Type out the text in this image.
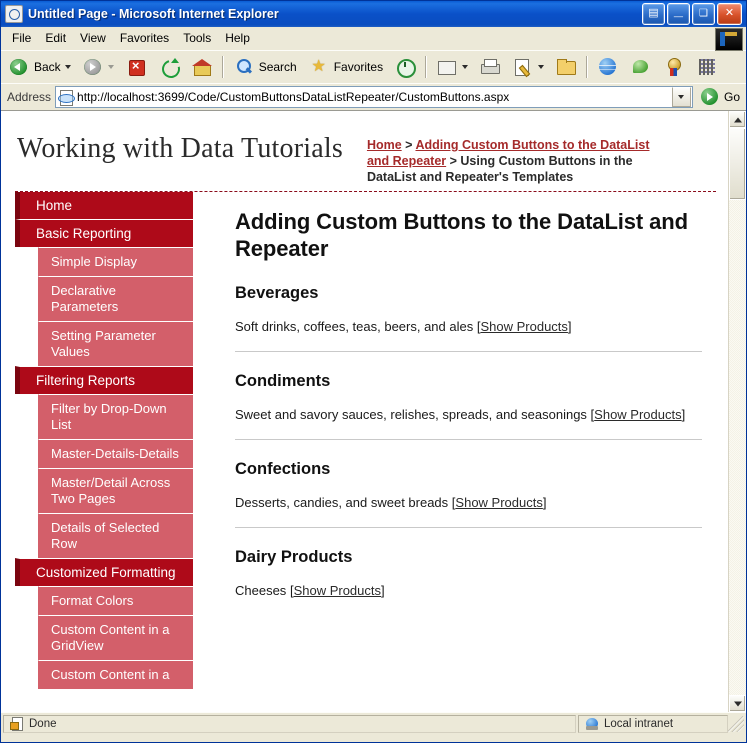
Untitled Page - Microsoft Internet Explorer	▤ _	❑	✕
File	Edit	View	Favorites	Tools	Help
Back ×	Search ★	Favorites
Address http://localhost:3699/Code/CustomButtonsDataListRepeater/CustomButtons.aspx	Go
Working with Data Tutorials	Home > Adding Custom Buttons to the DataList and Repeater > Using Custom Buttons in the DataList and Repeater's Templates
Home
Basic Reporting
Simple Display
Declarative Parameters
Setting Parameter Values
Filtering Reports
Filter by Drop-Down List
Master-Details-Details
Master/Detail Across Two Pages
Details of Selected Row
Customized Formatting
Format Colors
Custom Content in a GridView
Custom Content in a
Adding Custom Buttons to the DataList and Repeater
Beverages

Soft drinks, coffees, teas, beers, and ales [Show Products]

Condiments

Sweet and savory sauces, relishes, spreads, and seasonings [Show Products]

Confections

Desserts, candies, and sweet breads [Show Products]

Dairy Products

Cheeses [Show Products]

Done	Local intranet
